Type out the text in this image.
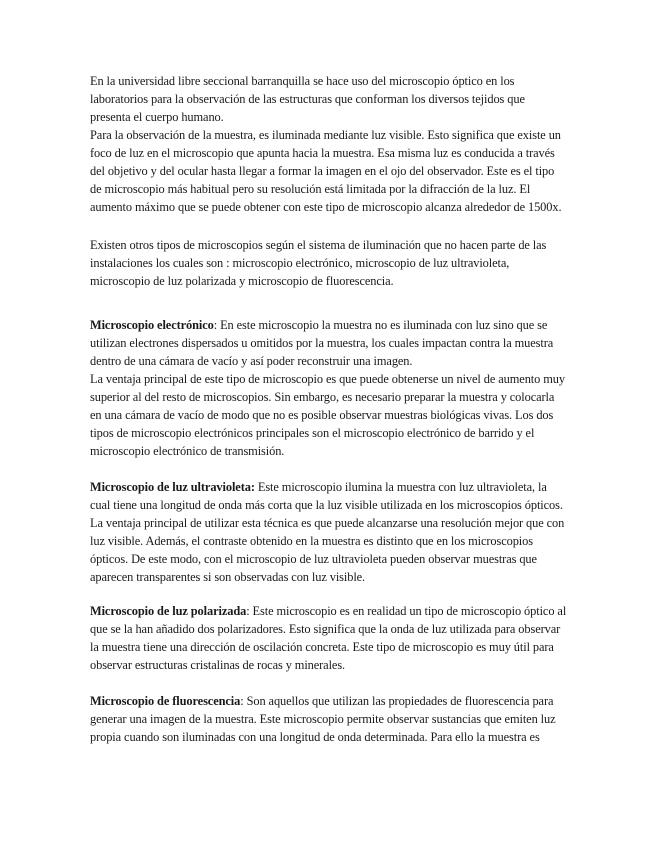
En la universidad libre seccional barranquilla se hace uso del microscopio óptico en los laboratorios para la observación de las estructuras que conforman los diversos tejidos que presenta el cuerpo humano.

Para la observación de la muestra, es iluminada mediante luz visible. Esto significa que existe un foco de luz en el microscopio que apunta hacia la muestra. Esa misma luz es conducida a través del objetivo y del ocular hasta llegar a formar la imagen en el ojo del observador. Este es el tipo de microscopio más habitual pero su resolución está limitada por la difracción de la luz. El aumento máximo que se puede obtener con este tipo de microscopio alcanza alrededor de 1500x.

Existen otros tipos de microscopios según el sistema de iluminación que no hacen parte de las instalaciones los cuales son : microscopio electrónico, microscopio de luz ultravioleta, microscopio de luz polarizada y microscopio de fluorescencia.

Microscopio electrónico: En este microscopio la muestra no es iluminada con luz sino que se utilizan electrones dispersados u omitidos por la muestra, los cuales impactan contra la muestra dentro de una cámara de vacío y así poder reconstruir una imagen.

La ventaja principal de este tipo de microscopio es que puede obtenerse un nivel de aumento muy superior al del resto de microscopios. Sin embargo, es necesario preparar la muestra y colocarla en una cámara de vacío de modo que no es posible observar muestras biológicas vivas. Los dos tipos de microscopio electrónicos principales son el microscopio electrónico de barrido y el microscopio electrónico de transmisión.

Microscopio de luz ultravioleta: Este microscopio ilumina la muestra con luz ultravioleta, la cual tiene una longitud de onda más corta que la luz visible utilizada en los microscopios ópticos. La ventaja principal de utilizar esta técnica es que puede alcanzarse una resolución mejor que con luz visible. Además, el contraste obtenido en la muestra es distinto que en los microscopios ópticos. De este modo, con el microscopio de luz ultravioleta pueden observar muestras que aparecen transparentes si son observadas con luz visible.

Microscopio de luz polarizada: Este microscopio es en realidad un tipo de microscopio óptico al que se la han añadido dos polarizadores. Esto significa que la onda de luz utilizada para observar la muestra tiene una dirección de oscilación concreta. Este tipo de microscopio es muy útil para observar estructuras cristalinas de rocas y minerales.

Microscopio de fluorescencia: Son aquellos que utilizan las propiedades de fluorescencia para generar una imagen de la muestra. Este microscopio permite observar sustancias que emiten luz propia cuando son iluminadas con una longitud de onda determinada. Para ello la muestra es
